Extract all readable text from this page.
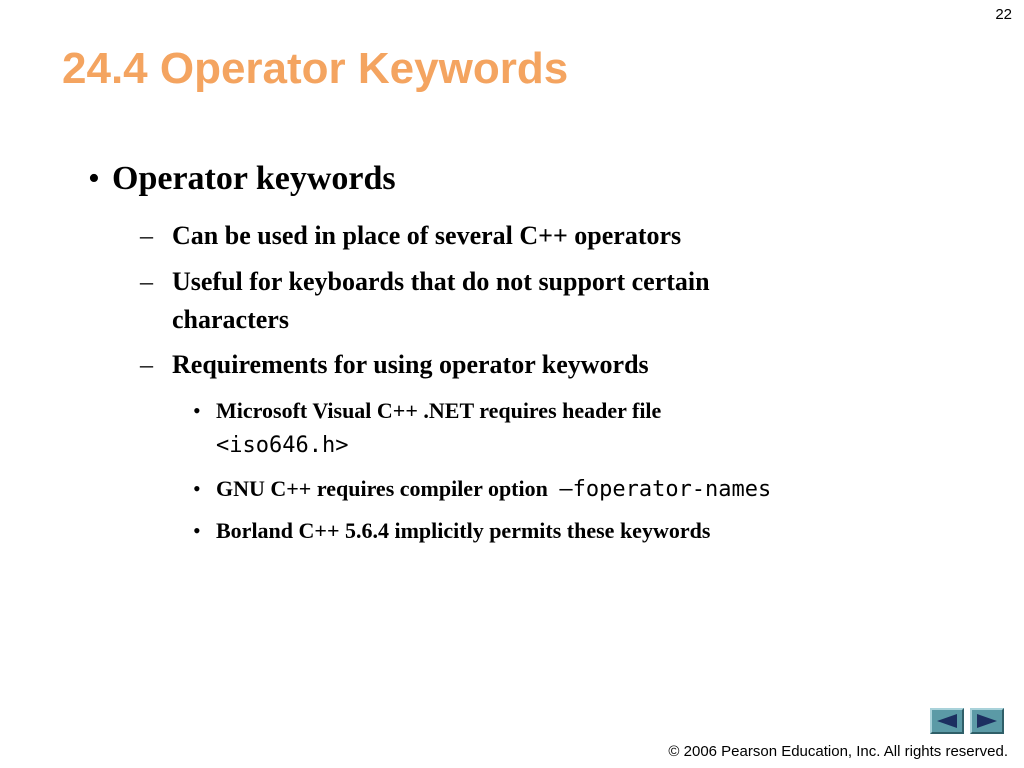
22
24.4 Operator Keywords
• Operator keywords
– Can be used in place of several C++ operators
– Useful for keyboards that do not support certain
characters
– Requirements for using operator keywords
• Microsoft Visual C++ .NET requires header file
<iso646.h>
• GNU C++ requires compiler option –foperator-names
• Borland C++ 5.6.4 implicitly permits these keywords
© 2006 Pearson Education, Inc. All rights reserved.
